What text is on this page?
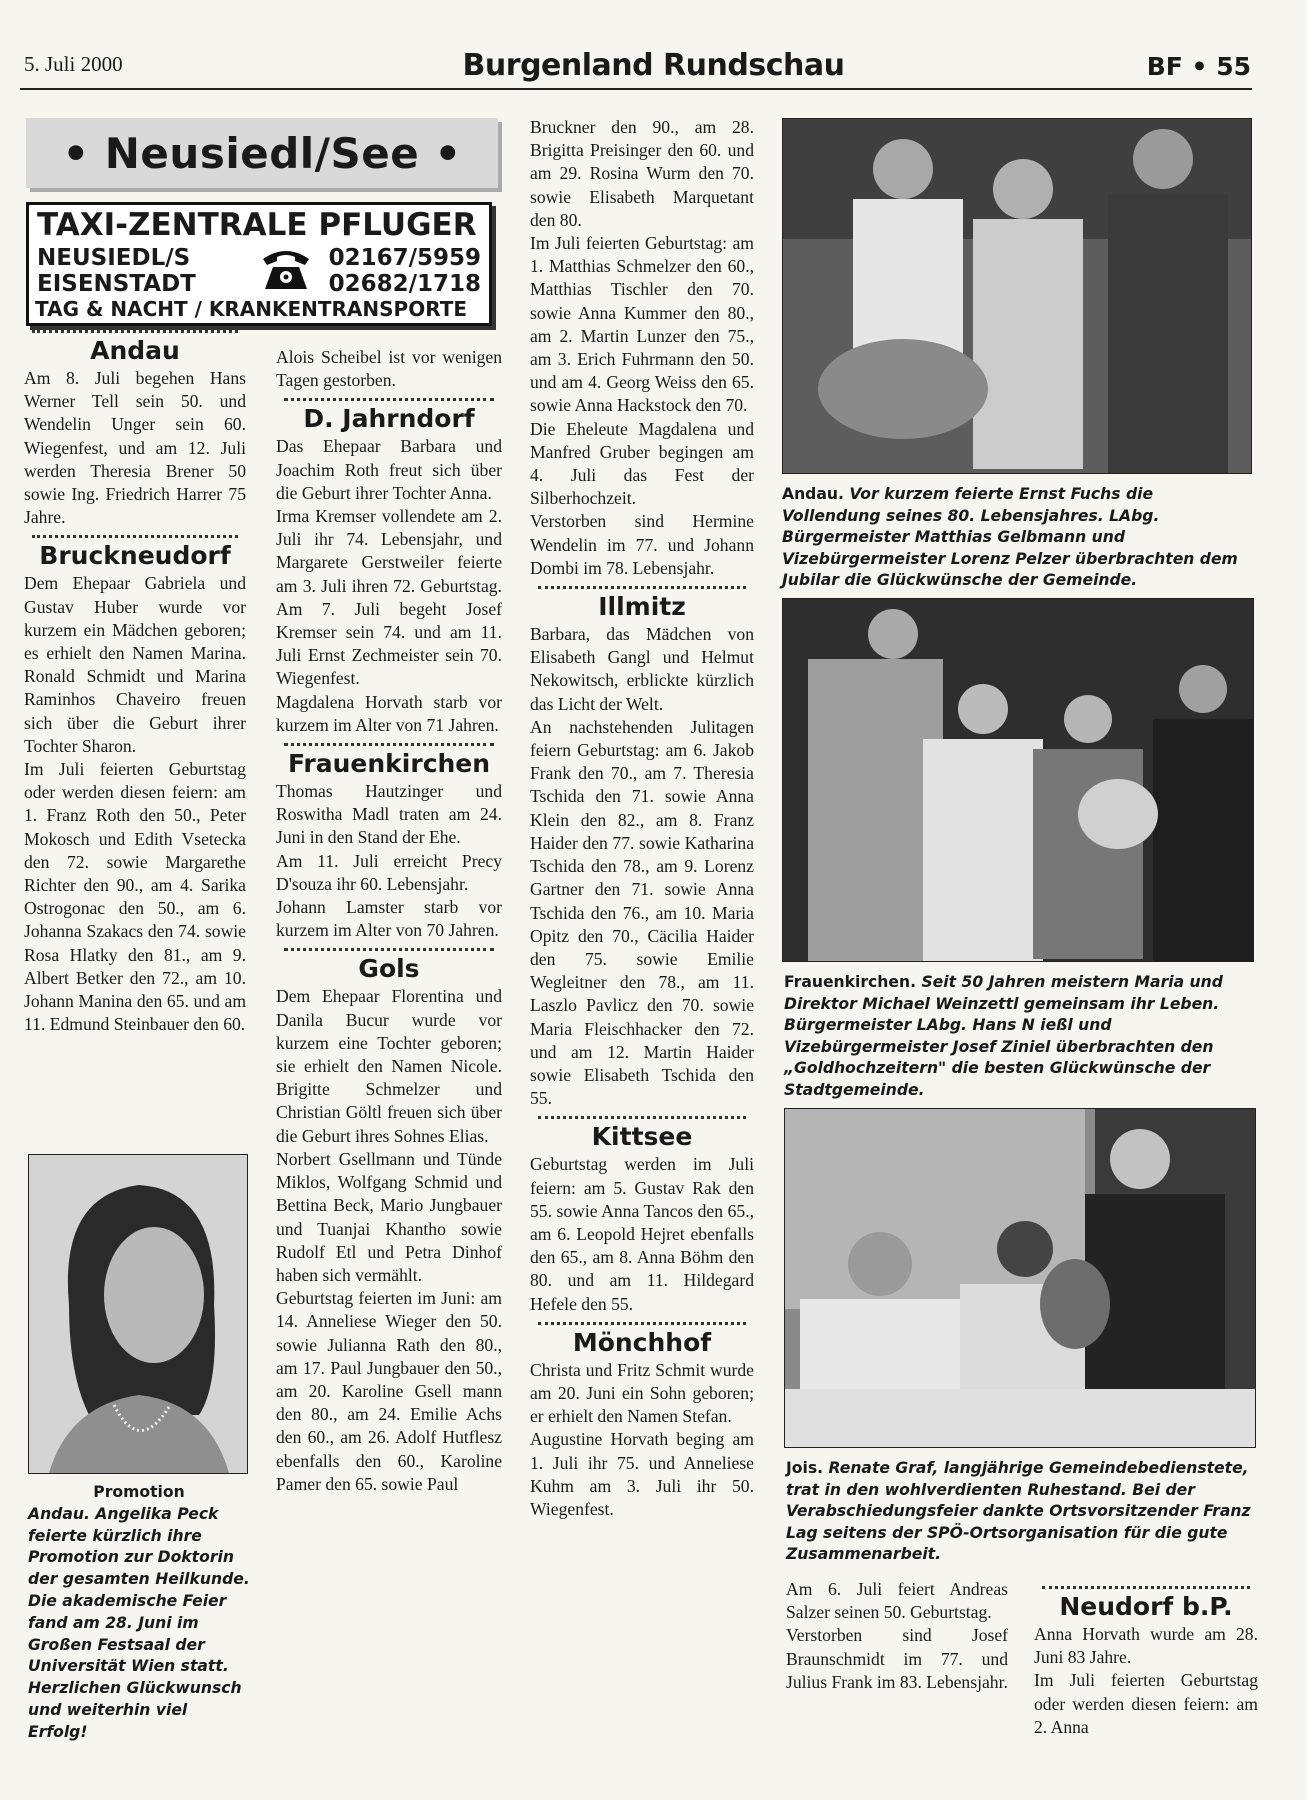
5. Juli 2000	Burgenland Rundschau	BF • 55
• Neusiedl/See •
TAXI-ZENTRALE PFLUGER
NEUSIEDL/S
EISENSTADT
02167/5959
02682/1718
TAG & NACHT / KRANKENTRANSPORTE
Andau

Am 8. Juli begehen Hans Werner Tell sein 50. und Wendelin Unger sein 60. Wiegenfest, und am 12. Juli werden Theresia Brener 50 sowie Ing. Friedrich Harrer 75 Jahre.

Bruckneudorf

Dem Ehepaar Gabriela und Gustav Huber wurde vor kurzem ein Mädchen geboren; es erhielt den Namen Marina. Ronald Schmidt und Marina Raminhos Chaveiro freuen sich über die Geburt ihrer Tochter Sharon.

Im Juli feierten Geburtstag oder werden diesen feiern: am 1. Franz Roth den 50., Peter Mokosch und Edith Vsetecka den 72. sowie Margarethe Richter den 90., am 4. Sarika Ostrogonac den 50., am 6. Johanna Szakacs den 74. sowie Rosa Hlatky den 81., am 9. Albert Betker den 72., am 10. Johann Manina den 65. und am 11. Edmund Steinbauer den 60.

Promotion
Andau. Angelika Peck feierte kürzlich ihre Promotion zur Doktorin der gesamten Heilkunde. Die akademische Feier fand am 28. Juni im Großen Festsaal der Universität Wien statt. Herzlichen Glückwunsch und weiterhin viel Erfolg!

Alois Scheibel ist vor wenigen Tagen gestorben.

D. Jahrndorf

Das Ehepaar Barbara und Joachim Roth freut sich über die Geburt ihrer Tochter Anna.

Irma Kremser vollendete am 2. Juli ihr 74. Lebensjahr, und Margarete Gerstweiler feierte am 3. Juli ihren 72. Geburtstag. Am 7. Juli begeht Josef Kremser sein 74. und am 11. Juli Ernst Zechmeister sein 70. Wiegenfest.

Magdalena Horvath starb vor kurzem im Alter von 71 Jahren.

Frauenkirchen

Thomas Hautzinger und Roswitha Madl traten am 24. Juni in den Stand der Ehe.

Am 11. Juli erreicht Precy D'souza ihr 60. Lebensjahr.

Johann Lamster starb vor kurzem im Alter von 70 Jahren.

Gols

Dem Ehepaar Florentina und Danila Bucur wurde vor kurzem eine Tochter geboren; sie erhielt den Namen Nicole. Brigitte Schmelzer und Christian Göltl freuen sich über die Geburt ihres Sohnes Elias.

Norbert Gsellmann und Tünde Miklos, Wolfgang Schmid und Bettina Beck, Mario Jungbauer und Tuanjai Khantho sowie Rudolf Etl und Petra Dinhof haben sich vermählt.

Geburtstag feierten im Juni: am 14. Anneliese Wieger den 50. sowie Julianna Rath den 80., am 17. Paul Jungbauer den 50., am 20. Karoline Gsell mann den 80., am 24. Emilie Achs den 60., am 26. Adolf Hutflesz ebenfalls den 60., Karoline Pamer den 65. sowie Paul

Bruckner den 90., am 28. Brigitta Preisinger den 60. und am 29. Rosina Wurm den 70. sowie Elisabeth Marquetant den 80.

Im Juli feierten Geburtstag: am 1. Matthias Schmelzer den 60., Matthias Tischler den 70. sowie Anna Kummer den 80., am 2. Martin Lunzer den 75., am 3. Erich Fuhrmann den 50. und am 4. Georg Weiss den 65. sowie Anna Hackstock den 70.

Die Eheleute Magdalena und Manfred Gruber begingen am 4. Juli das Fest der Silberhochzeit.

Verstorben sind Hermine Wendelin im 77. und Johann Dombi im 78. Lebensjahr.

Illmitz

Barbara, das Mädchen von Elisabeth Gangl und Helmut Nekowitsch, erblickte kürzlich das Licht der Welt.

An nachstehenden Julitagen feiern Geburtstag: am 6. Jakob Frank den 70., am 7. Theresia Tschida den 71. sowie Anna Klein den 82., am 8. Franz Haider den 77. sowie Katharina Tschida den 78., am 9. Lorenz Gartner den 71. sowie Anna Tschida den 76., am 10. Maria Opitz den 70., Cäcilia Haider den 75. sowie Emilie Wegleitner den 78., am 11. Laszlo Pavlicz den 70. sowie Maria Fleischhacker den 72. und am 12. Martin Haider sowie Elisabeth Tschida den 55.

Kittsee

Geburtstag werden im Juli feiern: am 5. Gustav Rak den 55. sowie Anna Tancos den 65., am 6. Leopold Hejret ebenfalls den 65., am 8. Anna Böhm den 80. und am 11. Hildegard Hefele den 55.

Mönchhof

Christa und Fritz Schmit wurde am 20. Juni ein Sohn geboren; er erhielt den Namen Stefan.

Augustine Horvath beging am 1. Juli ihr 75. und Anneliese Kuhm am 3. Juli ihr 50. Wiegenfest.

Andau. Vor kurzem feierte Ernst Fuchs die Vollendung seines 80. Lebensjahres. LAbg. Bürgermeister Matthias Gelbmann und Vizebürgermeister Lorenz Pelzer überbrachten dem Jubilar die Glückwünsche der Gemeinde.
Frauenkirchen. Seit 50 Jahren meistern Maria und Direktor Michael Weinzettl gemeinsam ihr Leben. Bürgermeister LAbg. Hans N ießl und Vizebürgermeister Josef Ziniel überbrachten den „Goldhochzeitern" die besten Glückwünsche der Stadtgemeinde.
Jois. Renate Graf, langjährige Gemeindebedienstete, trat in den wohlverdienten Ruhestand. Bei der Verabschiedungsfeier dankte Ortsvorsitzender Franz Lag seitens der SPÖ-Ortsorganisation für die gute Zusammenarbeit.

Am 6. Juli feiert Andreas Salzer seinen 50. Geburtstag.

Verstorben sind Josef Braunschmidt im 77. und Julius Frank im 83. Lebensjahr.

Neudorf b.P.

Anna Horvath wurde am 28. Juni 83 Jahre.

Im Juli feierten Geburtstag oder werden diesen feiern: am 2. Anna
